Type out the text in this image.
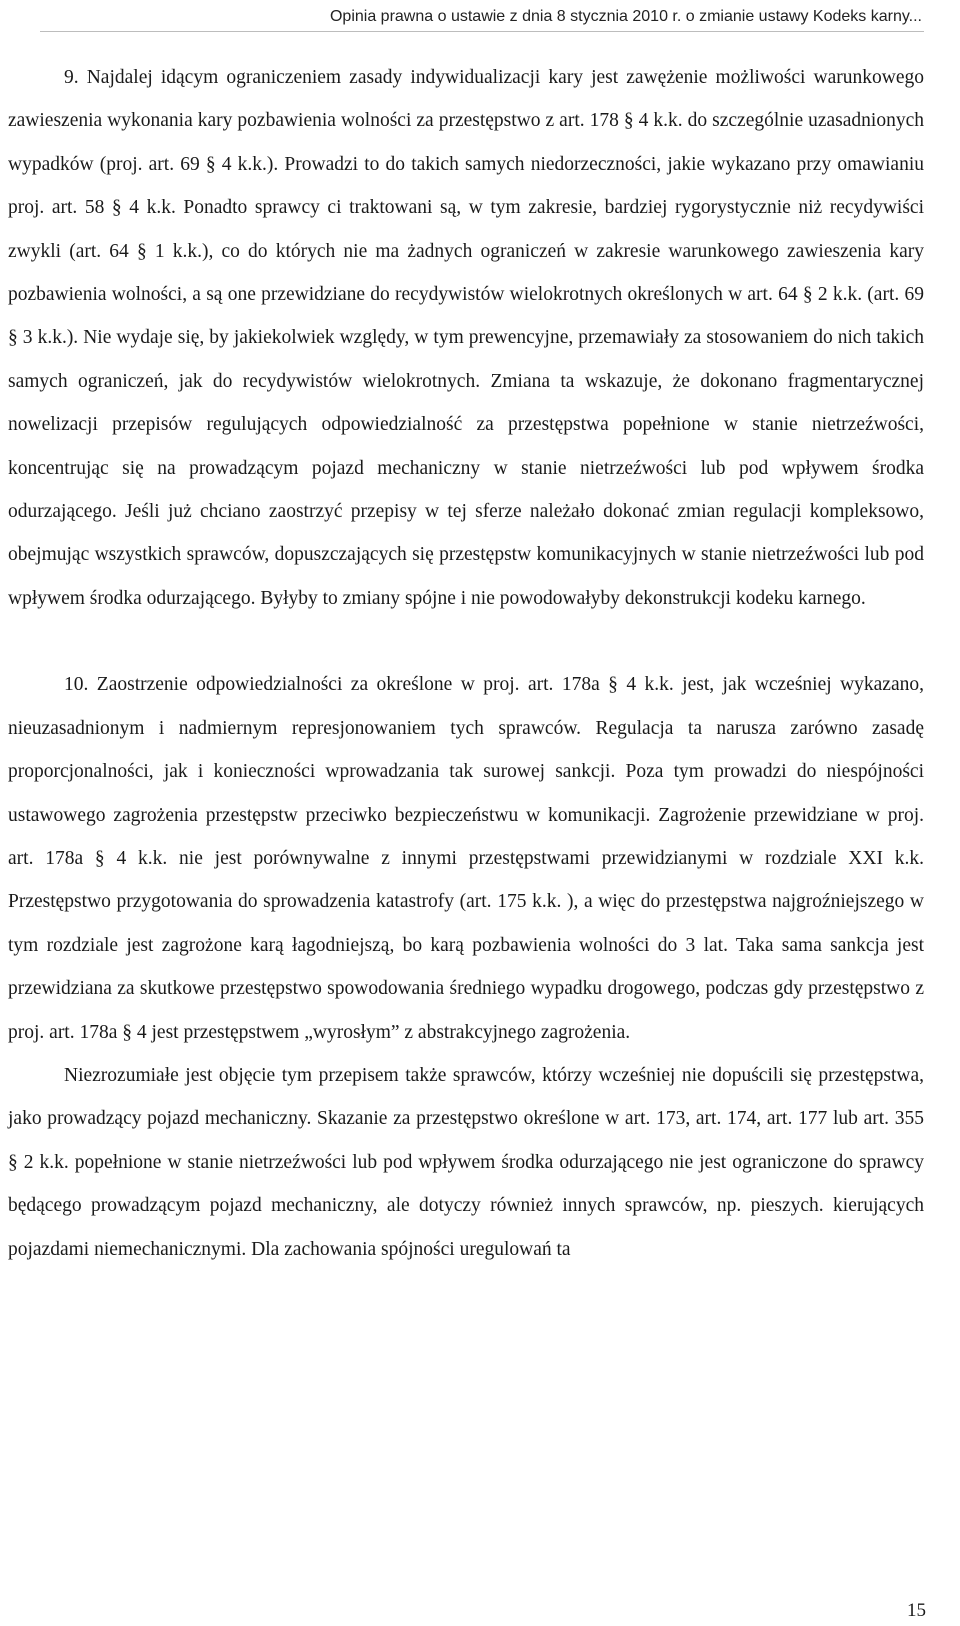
Opinia prawna o ustawie z dnia 8 stycznia 2010 r. o zmianie ustawy Kodeks karny...

9. Najdalej idącym ograniczeniem zasady indywidualizacji kary jest zawężenie możliwości warunkowego zawieszenia wykonania kary pozbawienia wolności za przestępstwo z art. 178 § 4 k.k. do szczególnie uzasadnionych wypadków (proj. art. 69 § 4 k.k.). Prowadzi to do takich samych niedorzeczności, jakie wykazano przy omawianiu proj. art. 58 § 4 k.k. Ponadto sprawcy ci traktowani są, w tym zakresie, bardziej rygorystycznie niż recydywiści zwykli (art. 64 § 1 k.k.), co do których nie ma żadnych ograniczeń w zakresie warunkowego zawieszenia kary pozbawienia wolności, a są one przewidziane do recydywistów wielokrotnych określonych w art. 64 § 2 k.k. (art. 69 § 3 k.k.). Nie wydaje się, by jakiekolwiek względy, w tym prewencyjne, przemawiały za stosowaniem do nich takich samych ograniczeń, jak do recydywistów wielokrotnych. Zmiana ta wskazuje, że dokonano fragmentarycznej nowelizacji przepisów regulujących odpowiedzialność za przestępstwa popełnione w stanie nietrzeźwości, koncentrując się na prowadzącym pojazd mechaniczny w stanie nietrzeźwości lub pod wpływem środka odurzającego. Jeśli już chciano zaostrzyć przepisy w tej sferze należało dokonać zmian regulacji kompleksowo, obejmując wszystkich sprawców, dopuszczających się przestępstw komunikacyjnych w stanie nietrzeźwości lub pod wpływem środka odurzającego. Byłyby to zmiany spójne i nie powodowałyby dekonstrukcji kodeku karnego.

10. Zaostrzenie odpowiedzialności za określone w proj. art. 178a § 4 k.k. jest, jak wcześniej wykazano, nieuzasadnionym i nadmiernym represjonowaniem tych sprawców. Regulacja ta narusza zarówno zasadę proporcjonalności, jak i konieczności wprowadzania tak surowej sankcji. Poza tym prowadzi do niespójności ustawowego zagrożenia przestępstw przeciwko bezpieczeństwu w komunikacji. Zagrożenie przewidziane w proj. art. 178a § 4 k.k. nie jest porównywalne z innymi przestępstwami przewidzianymi w rozdziale XXI k.k. Przestępstwo przygotowania do sprowadzenia katastrofy (art. 175 k.k. ), a więc do przestępstwa najgroźniejszego w tym rozdziale jest zagrożone karą łagodniejszą, bo karą pozbawienia wolności do 3 lat. Taka sama sankcja jest przewidziana za skutkowe przestępstwo spowodowania średniego wypadku drogowego, podczas gdy przestępstwo z proj. art. 178a § 4 jest przestępstwem „wyrosłym” z abstrakcyjnego zagrożenia.

Niezrozumiałe jest objęcie tym przepisem także sprawców, którzy wcześniej nie dopuścili się przestępstwa, jako prowadzący pojazd mechaniczny. Skazanie za przestępstwo określone w art. 173, art. 174, art. 177 lub art. 355 § 2 k.k. popełnione w stanie nietrzeźwości lub pod wpływem środka odurzającego nie jest ograniczone do sprawcy będącego prowadzącym pojazd mechaniczny, ale dotyczy również innych sprawców, np. pieszych. kierujących pojazdami niemechanicznymi. Dla zachowania spójności uregulowań ta

15
